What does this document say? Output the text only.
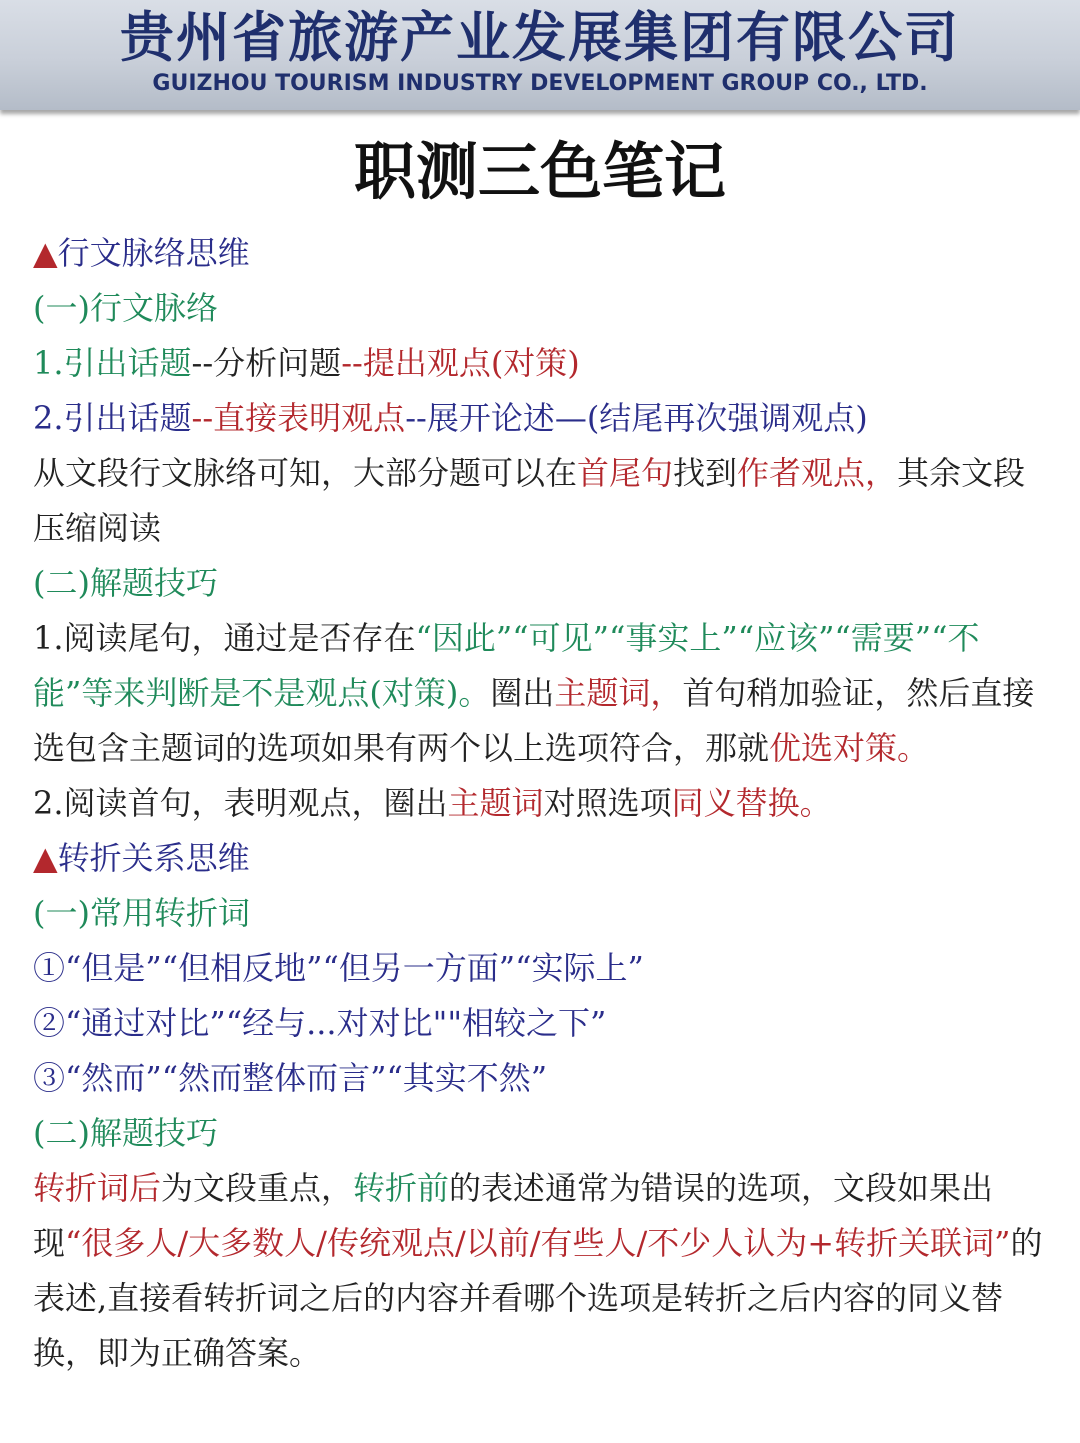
贵州省旅游产业发展集团有限公司
GUIZHOU TOURISM INDUSTRY DEVELOPMENT GROUP CO., LTD.
职测三色笔记
▲行文脉络思维
(一)行文脉络
1.引出话题--分析问题--提出观点(对策)
2.引出话题--直接表明观点--展开论述—(结尾再次强调观点)
从文段行文脉络可知，大部分题可以在首尾句找到作者观点，其余文段压缩阅读
(二)解题技巧
1.阅读尾句，通过是否存在“因此”“可见”“事实上”“应该”“需要”“不能”等来判断是不是观点(对策)。圈出主题词，首句稍加验证，然后直接选包含主题词的选项如果有两个以上选项符合，那就优选对策。
2.阅读首句，表明观点，圈出主题词对照选项同义替换。
▲转折关系思维
(一)常用转折词
①“但是”“但相反地”“但另一方面”“实际上”
②“通过对比”“经与...对对比""相较之下”
③“然而”“然而整体而言”“其实不然”
(二)解题技巧
转折词后为文段重点，转折前的表述通常为错误的选项，文段如果出现“很多人/大多数人/传统观点/以前/有些人/不少人认为+转折关联词”的表述,直接看转折词之后的内容并看哪个选项是转折之后内容的同义替换，即为正确答案。
